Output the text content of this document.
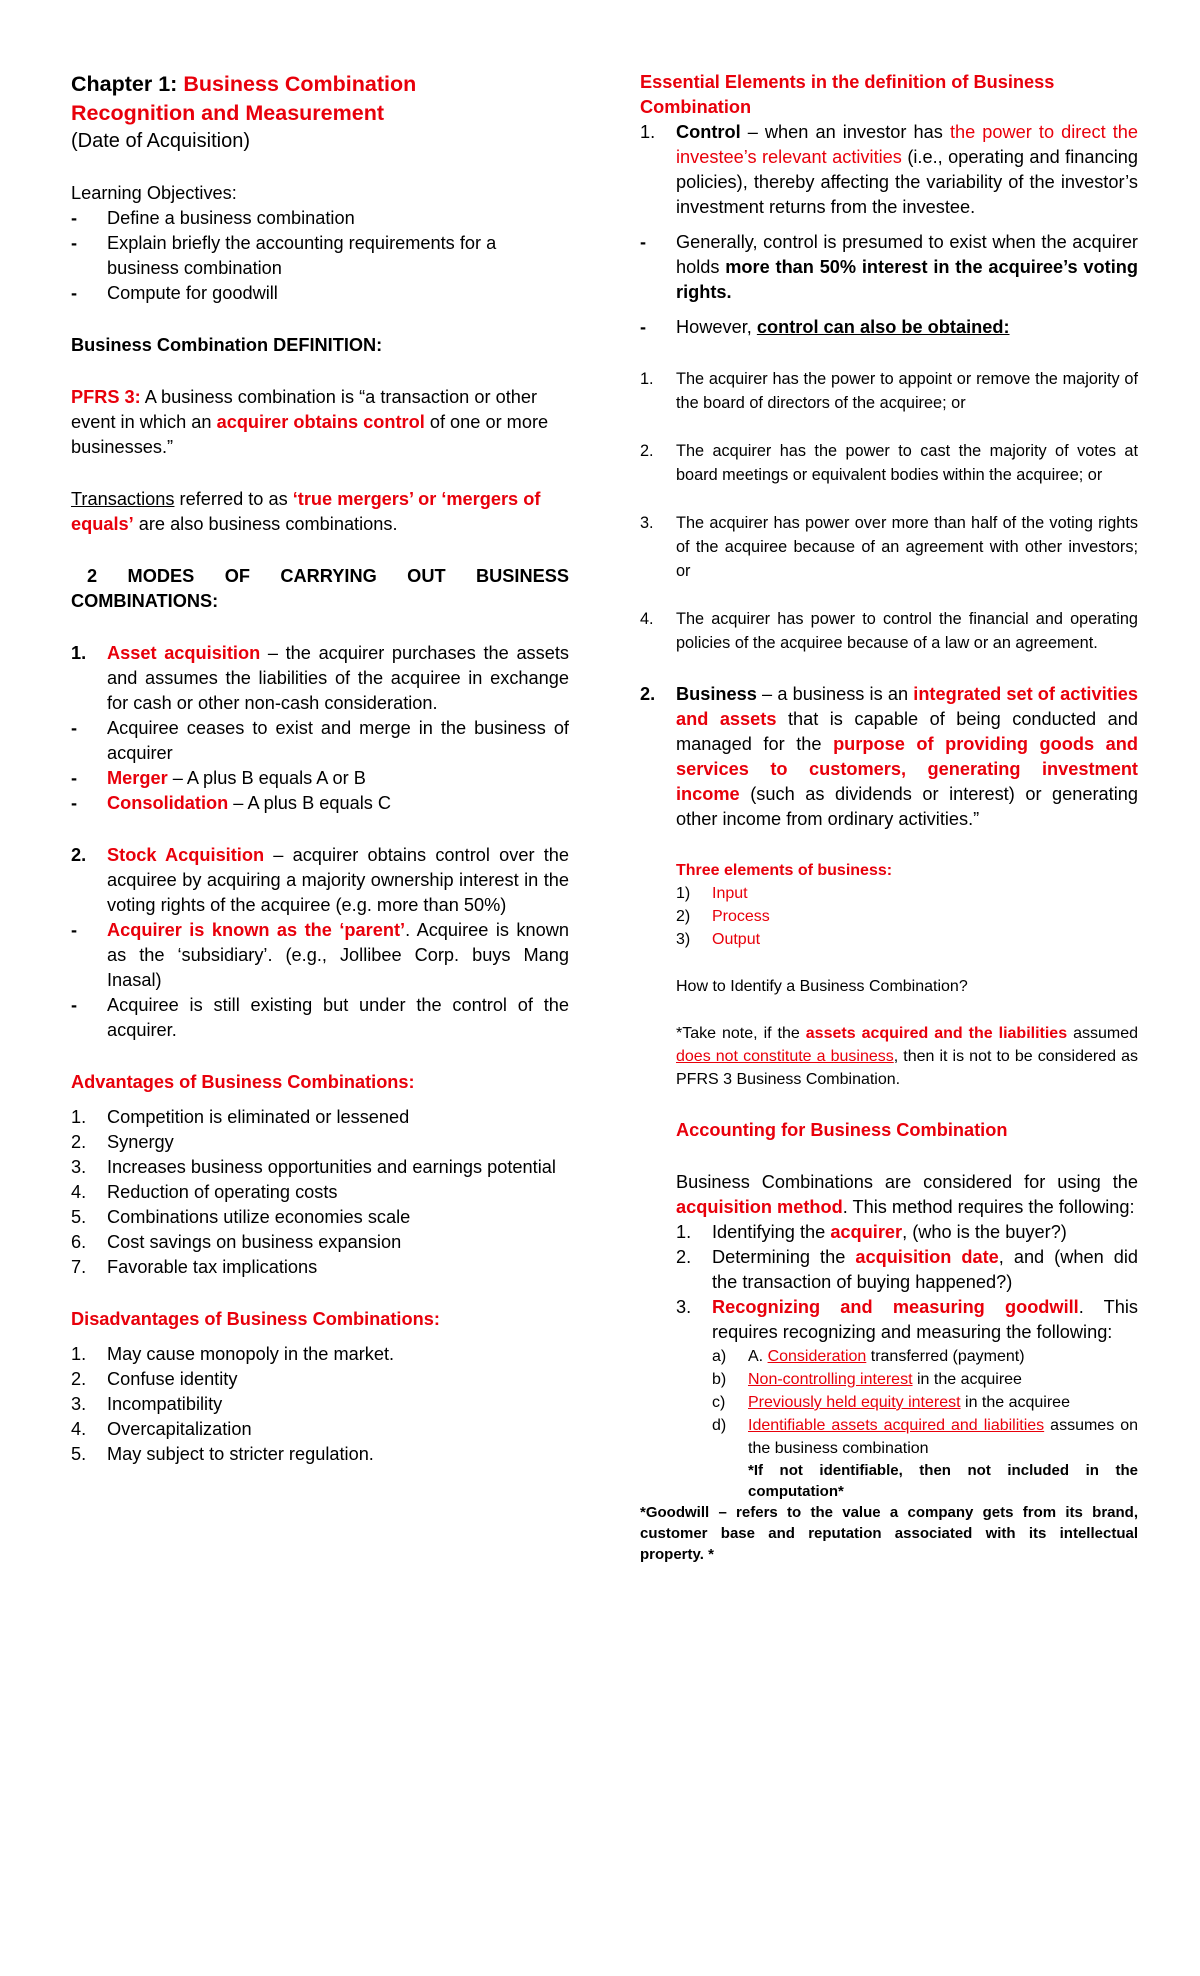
Chapter 1: Business Combination
Recognition and Measurement

(Date of Acquisition)

Learning Objectives:

-	Define a business combination
-	Explain briefly the accounting requirements for a business combination
-	Compute for goodwill

Business Combination DEFINITION:

PFRS 3: A business combination is “a transaction or other event in which an acquirer obtains control of one or more businesses.”

Transactions referred to as ‘true mergers’ or ‘mergers of equals’ are also business combinations.

2 MODES OF CARRYING OUT BUSINESS COMBINATIONS:

1.	Asset acquisition – the acquirer purchases the assets and assumes the liabilities of the acquiree in exchange for cash or other non-cash consideration.
-	Acquiree ceases to exist and merge in the business of acquirer
-	Merger – A plus B equals A or B
-	Consolidation – A plus B equals C
2.	Stock Acquisition – acquirer obtains control over the acquiree by acquiring a majority ownership interest in the voting rights of the acquiree (e.g. more than 50%)
-	Acquirer is known as the ‘parent’. Acquiree is known as the ‘subsidiary’. (e.g., Jollibee Corp. buys Mang Inasal)
-	Acquiree is still existing but under the control of the acquirer.

Advantages of Business Combinations:

1.	Competition is eliminated or lessened
2.	Synergy
3.	Increases business opportunities and earnings potential
4.	Reduction of operating costs
5.	Combinations utilize economies scale
6.	Cost savings on business expansion
7.	Favorable tax implications

Disadvantages of Business Combinations:

1.	May cause monopoly in the market.
2.	Confuse identity
3.	Incompatibility
4.	Overcapitalization
5.	May subject to stricter regulation.

Essential Elements in the definition of Business Combination

1.	Control – when an investor has the power to direct the investee’s relevant activities (i.e., operating and financing policies), thereby affecting the variability of the investor’s investment returns from the investee.
-	Generally, control is presumed to exist when the acquirer holds more than 50% interest in the acquiree’s voting rights.
-	However, control can also be obtained:
1.	The acquirer has the power to appoint or remove the majority of the board of directors of the acquiree; or
2.	The acquirer has the power to cast the majority of votes at board meetings or equivalent bodies within the acquiree; or
3.	The acquirer has power over more than half of the voting rights of the acquiree because of an agreement with other investors; or
4.	The acquirer has power to control the financial and operating policies of the acquiree because of a law or an agreement.
2.	Business – a business is an integrated set of activities and assets that is capable of being conducted and managed for the purpose of providing goods and services to customers, generating investment income (such as dividends or interest) or generating other income from ordinary activities.”

Three elements of business:

1)	Input
2)	Process
3)	Output

How to Identify a Business Combination?

*Take note, if the assets acquired and the liabilities assumed does not constitute a business, then it is not to be considered as PFRS 3 Business Combination.

Accounting for Business Combination

Business Combinations are considered for using the acquisition method. This method requires the following:

1.	Identifying the acquirer, (who is the buyer?)
2.	Determining the acquisition date, and (when did the transaction of buying happened?)
3.	Recognizing and measuring goodwill. This requires recognizing and measuring the following:
a)	A. Consideration transferred (payment)
b)	Non-controlling interest in the acquiree
c)	Previously held equity interest in the acquiree
d)	Identifiable assets acquired and liabilities assumes on the business combination

*If not identifiable, then not included in the computation*

*Goodwill – refers to the value a company gets from its brand, customer base and reputation associated with its intellectual property. *
